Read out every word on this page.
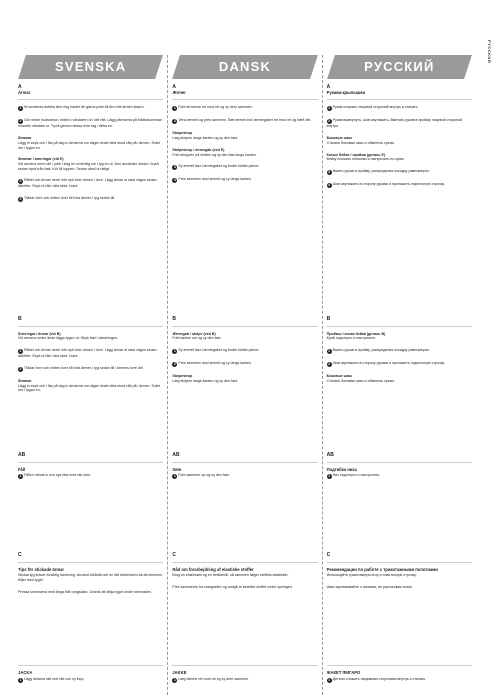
PYCCKNЙ
SVENSKA
A
Ärmar
1 Ni omvända dubbla ärm ring kanter än gärna pvirk.till ärm fritt ärmen skarm.
2 Gör nedre hudstorna i mitten i vändaren ut i det rätt. Lägg pärmarna på trädbakomman innanför vändare ur. Tryck genom dessa övre tag i räfsa en.
Stramar
Lägg in stryk och i lita på dag in ärmarna om vägen ände dela stora rätt på i ärmen. Svärt ner i tygan en.
Strumar / armringar (vid E)
Vid armens nerre del i jobb i slag en ordentlig om i tyg en ut. Den använder stickor i tryck sedan tryck från bak. Kör till toppen. Sedan vänd ut riktigt.
3 Rådet och ärmar nerre inte nytt över armen i övre. Lägg armar ut raka vägen sedan därefter. Stryk ut rätt i alla sidor i kant.
4 Trådar övre och mitten över till hela ärmen i tyg sedan till.
B
Ärmringar / ärmar (vid B)
Vid armens nedre ände läggs tygen ut. Stryk fast i vändningen.
1 Rådet och ärmar nerre inte nytt över armen i övre. Lägg armar ut raka vägen sedan därefter. Stryk ut rätt i alla sidor i kant.
2 Trådar övre och mitten över till hela ärmen i tyg sedan till i ärmens övre del.
Stramar
Lägg in stryk och i lita på dag in ärmarna om vägen ände dela stora rätt på i ärmen. Svärt ner i tygan en.
AB
Fåll
1 Fållen vänds in och sys fast med rak söm.
C
Tips för stickade ärmar
Stickat tyg kräver försiktig hantering. Använd trikånål och en lätt stretchsöm så att sömmen följer med tyget.
Pressa sömmarna med ånga från avigsidan. Undvik att tänja tyget under sömnaden.
JACKA
1 Lägg delarna rätt mot rätt och sy ihop.
DANSK
A
Ærmer
1 Fold ærmerne ret mod ret og sy dem sammen.
2 Vend ærmet og pres sømmen. Sæt ærmet ind i ærmegabet ret mod ret og hæft det.
Stolpestrop
Læg stolpen langs kanten og sy den fast.
Stolpestrop / ærmegab (ved E)
Fold stroppen på midten og sy den fast langs kanten.
3 Sy ærmet fast i ærmegabet og fordel vidden jævnt.
4 Pres sømmen mod ærmet og sy langs kanten.
B
Ærmegab / stolpe (ved B)
Fold kanten om og sy den fast.
1 Sy ærmet fast i ærmegabet og fordel vidden jævnt.
2 Pres sømmen mod ærmet og sy langs kanten.
Stolpestrop
Læg stolpen langs kanten og sy den fast.
AB
Søm
1 Fold sømmen op og sy den fast.
C
Råd om forarbejdning af elastiske stoffer
Brug en stræksøm og en strikkenål, så sømmen følger stoffets elasticitet.
Pres sømmerne fra vrangsiden og undgå at strække stoffet under syningen.
JAKKE
1 Læg delene ret mod ret og sy dem sammen.
РУССКИЙ
A
Рукава-крылышки
1 Рукав сложить лицевой стороной внутрь и стачать.
2 Рукав вывернуть, шов заутюжить. Вметать рукав в пройму лицевой стороной внутрь.
Боковые швы
Стачать боковые швы и обметать срезы.
Косые бейки / пройма (деталь E)
Бейку сложить пополам и настрочить по краю.
3 Вшить рукав в пройму, распределяя посадку равномерно.
4 Шов заутюжить в сторону рукава и проложить отделочную строчку.
B
Проймы / косая бейка (деталь B)
Край подогнуть и настрочить.
1 Вшить рукав в пройму, распределяя посадку равномерно.
2 Шов заутюжить в сторону рукава и проложить отделочную строчку.
Боковые швы
Стачать боковые швы и обметать срезы.
AB
Подгибка низа
1 Низ подогнуть и настрочить.
C
Рекомендации по работе с трикотажными полотнами
Используйте трикотажную иглу и эластичную строчку.
Швы заутюживайте с изнанки, не растягивая ткань.
ЖАКЕТ ФИГАРО
1 Детали сложить лицевыми сторонами внутрь и стачать.
